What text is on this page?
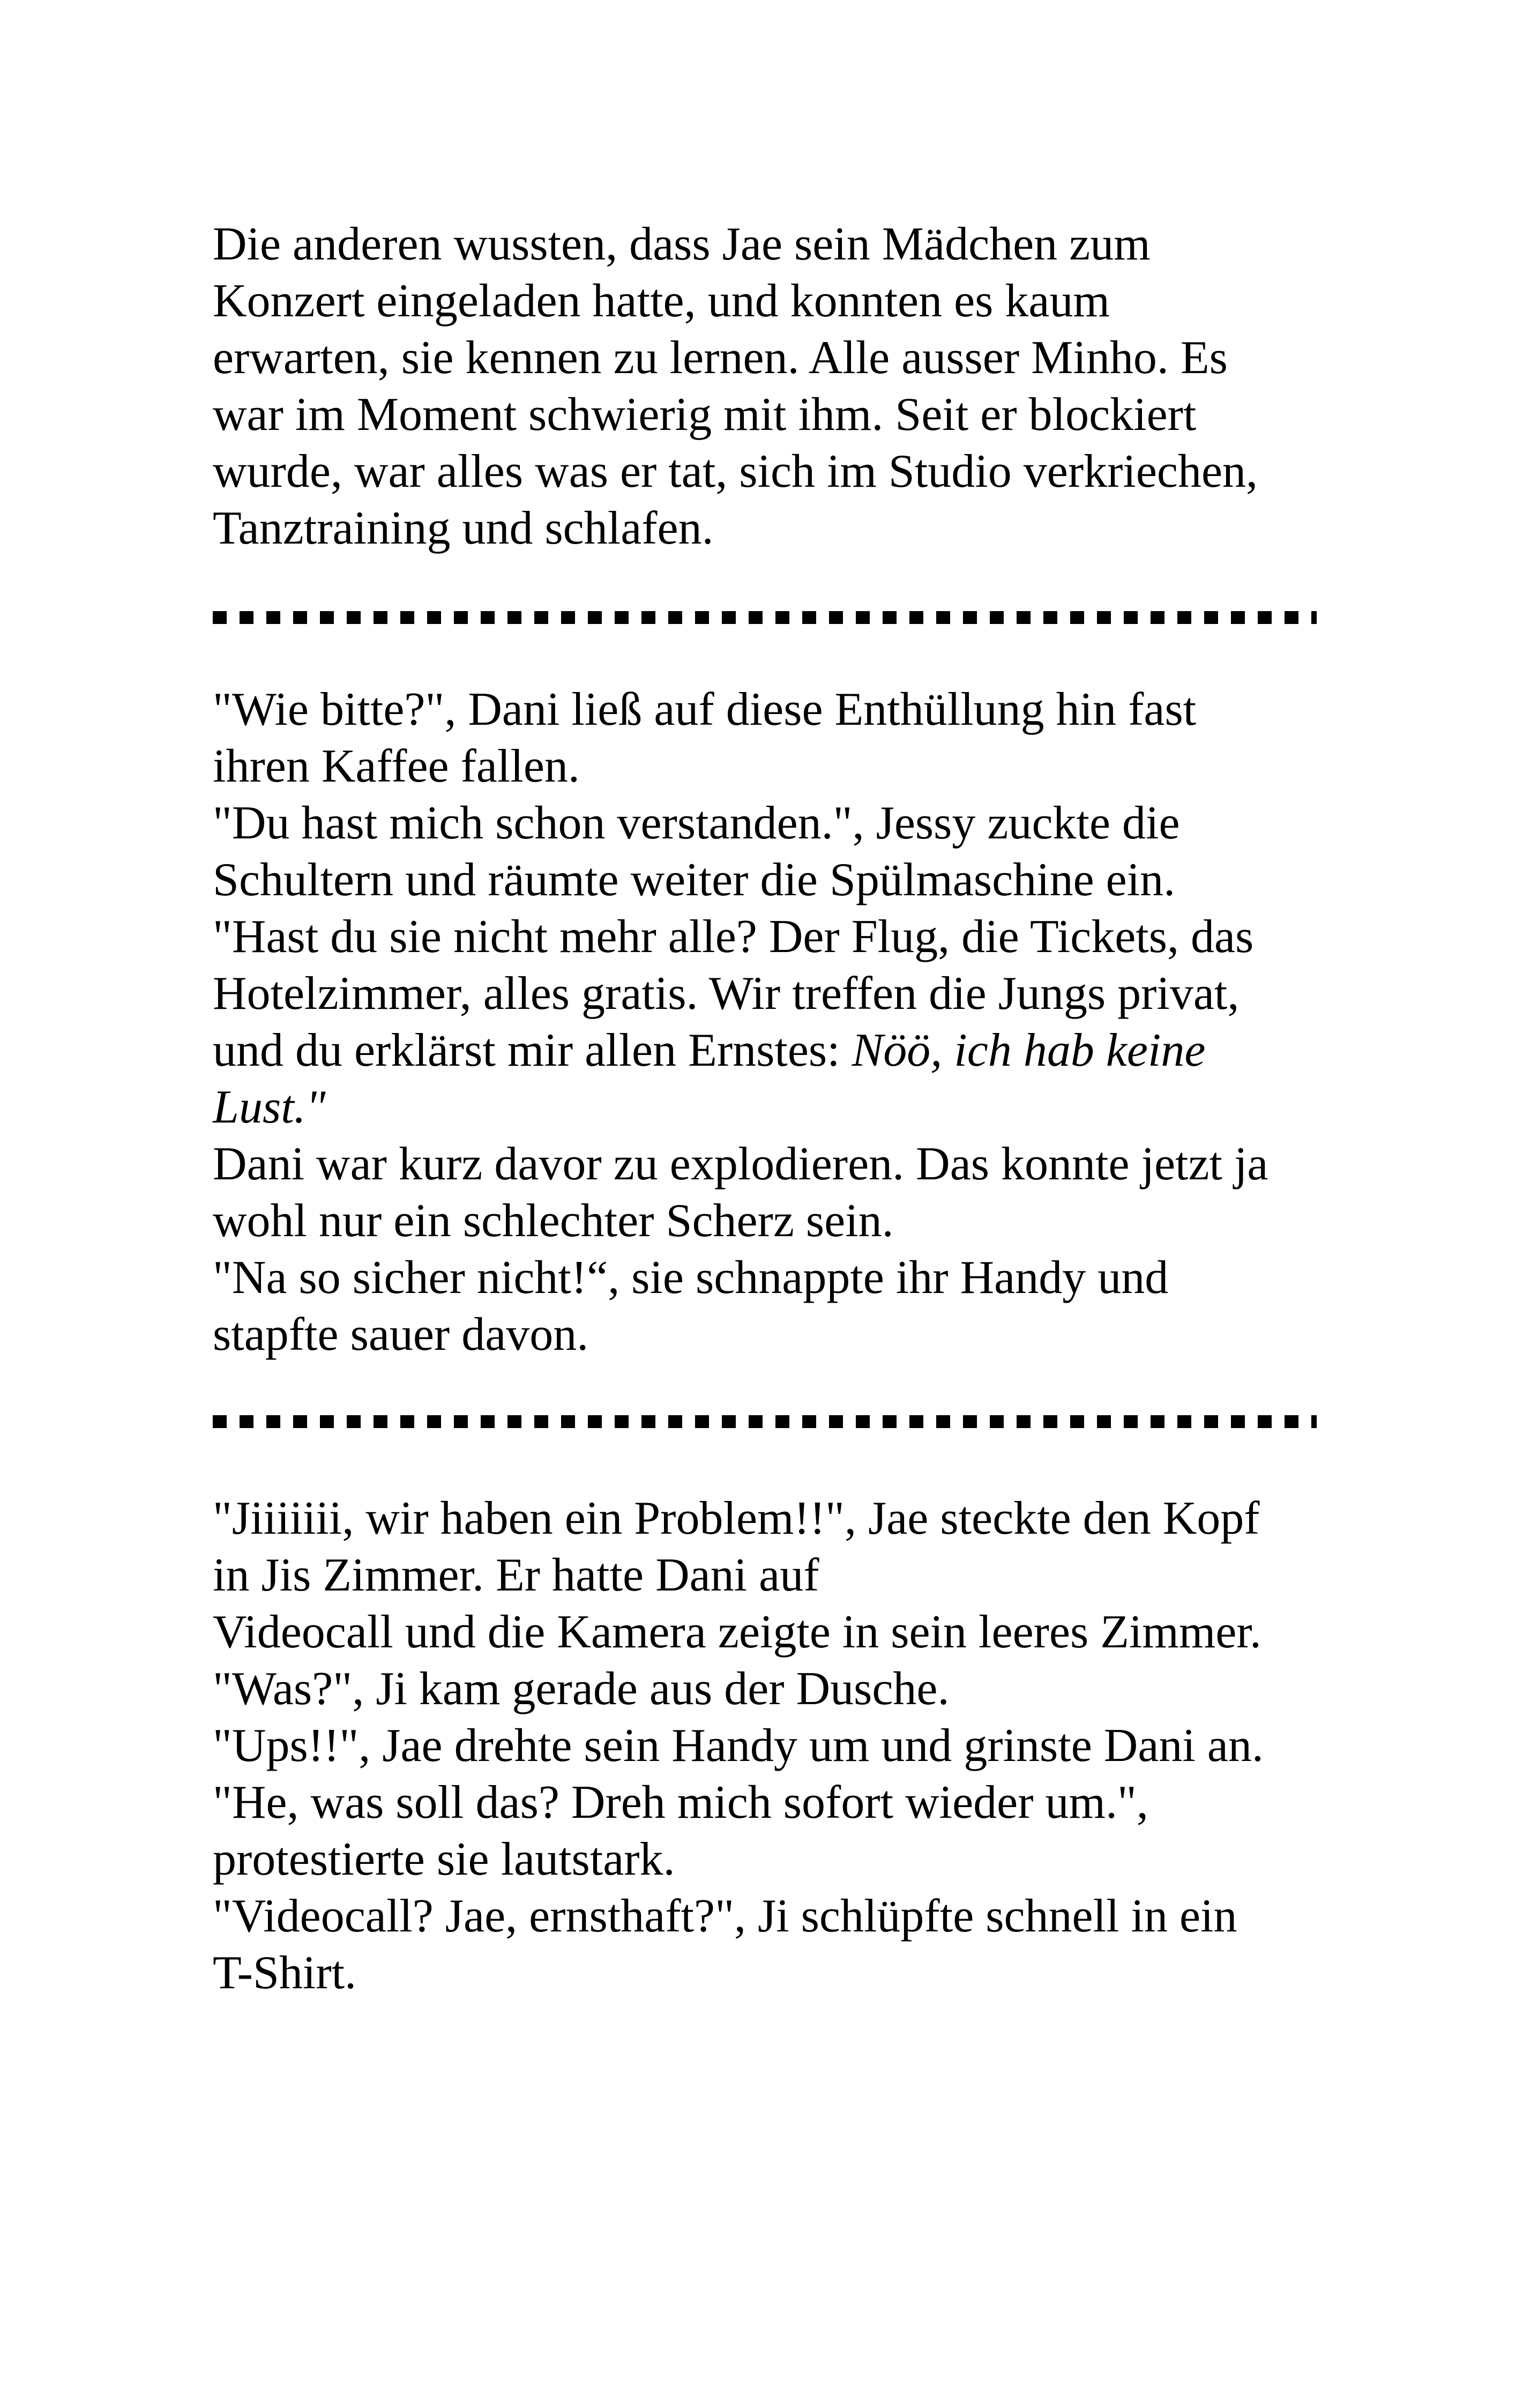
Die anderen wussten, dass Jae sein Mädchen zum
Konzert eingeladen hatte, und konnten es kaum
erwarten, sie kennen zu lernen. Alle ausser Minho. Es
war im Moment schwierig mit ihm. Seit er blockiert
wurde, war alles was er tat, sich im Studio verkriechen,
Tanztraining und schlafen.

"Wie bitte?", Dani ließ auf diese Enthüllung hin fast
ihren Kaffee fallen.
"Du hast mich schon verstanden.", Jessy zuckte die
Schultern und räumte weiter die Spülmaschine ein.
"Hast du sie nicht mehr alle? Der Flug, die Tickets, das
Hotelzimmer, alles gratis. Wir treffen die Jungs privat,
und du erklärst mir allen Ernstes: Nöö, ich hab keine
Lust."
Dani war kurz davor zu explodieren. Das konnte jetzt ja
wohl nur ein schlechter Scherz sein.
"Na so sicher nicht!“, sie schnappte ihr Handy und
stapfte sauer davon.

"Jiiiiiii, wir haben ein Problem!!", Jae steckte den Kopf
in Jis Zimmer. Er hatte Dani auf
Videocall und die Kamera zeigte in sein leeres Zimmer.
"Was?", Ji kam gerade aus der Dusche.
"Ups!!", Jae drehte sein Handy um und grinste Dani an.
"He, was soll das? Dreh mich sofort wieder um.",
protestierte sie lautstark.
"Videocall? Jae, ernsthaft?", Ji schlüpfte schnell in ein
T-Shirt.
